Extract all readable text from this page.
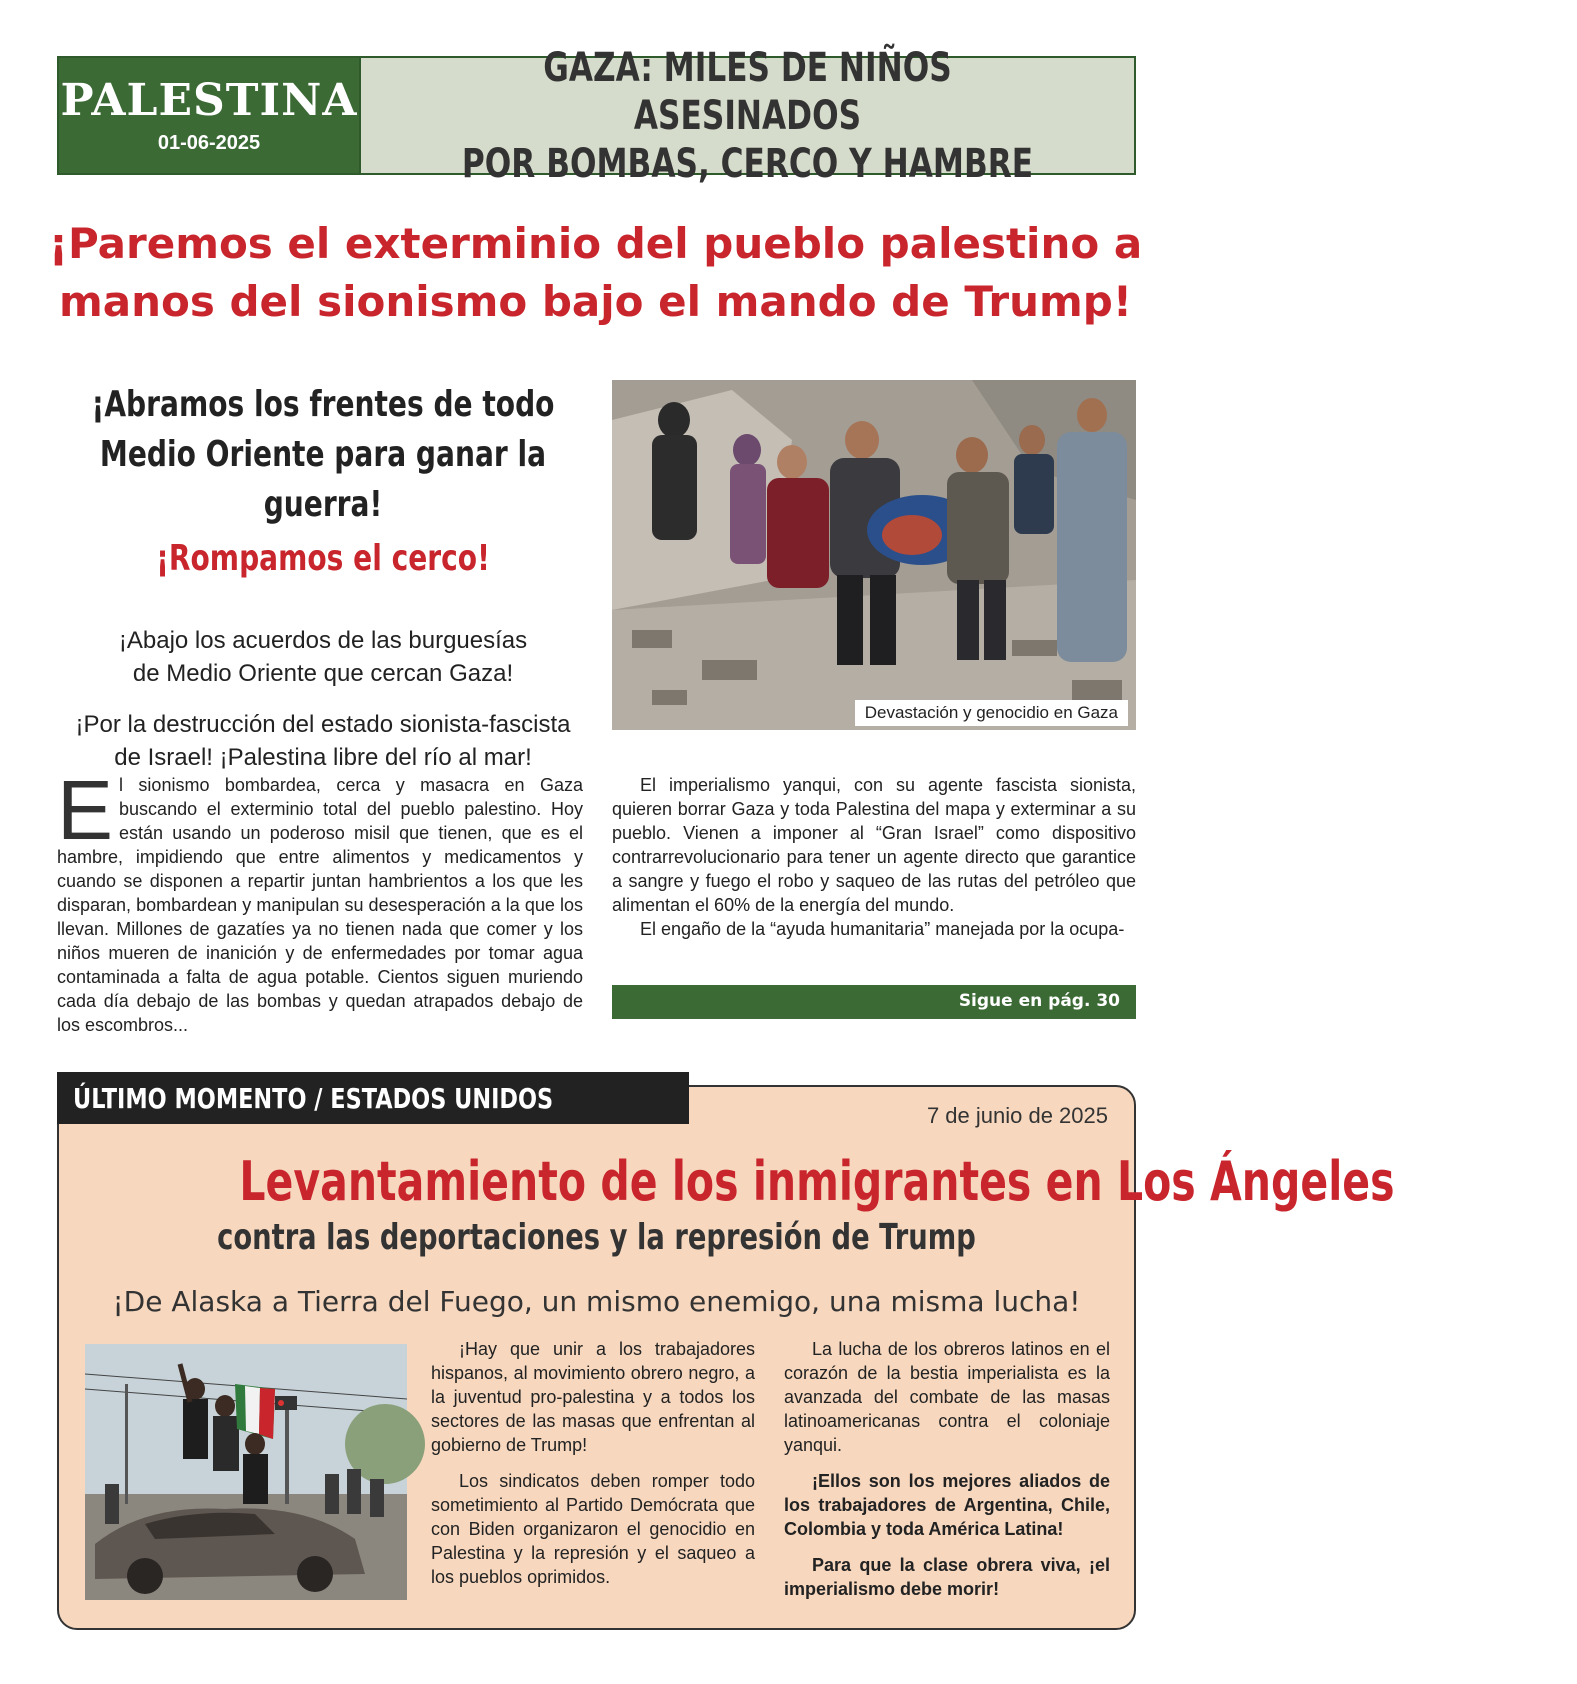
PALESTINA
01-06-2025
GAZA: MILES DE NIÑOS ASESINADOS
POR BOMBAS, CERCO Y HAMBRE
¡Paremos el exterminio del pueblo palestino a
manos del sionismo bajo el mando de Trump!
¡Abramos los frentes de todo
Medio Oriente para ganar la guerra! ¡Rompamos el cerco!
¡Abajo los acuerdos de las burguesías
de Medio Oriente que cercan Gaza!
¡Por la destrucción del estado sionista-fascista
de Israel! ¡Palestina libre del río al mar!
Devastación y genocidio en Gaza
El sionismo bombardea, cerca y masacra en Gaza buscando el exterminio total del pueblo palestino. Hoy están usando un poderoso misil que tienen, que es el hambre, impidiendo que entre alimentos y medicamentos y cuando se disponen a repartir juntan hambrientos a los que les disparan, bombardean y manipulan su desesperación a la que los llevan. Millones de gazatíes ya no tienen nada que comer y los niños mueren de inanición y de enfermedades por tomar agua contaminada a falta de agua potable. Cientos siguen muriendo cada día debajo de las bombas y quedan atrapados debajo de los escombros...

El imperialismo yanqui, con su agente fascista sionista, quieren borrar Gaza y toda Palestina del mapa y exterminar a su pueblo. Vienen a imponer al “Gran Israel” como dispositivo contrarrevolucionario para tener un agente directo que garantice a sangre y fuego el robo y saqueo de las rutas del petróleo que alimentan el 60% de la energía del mundo.

El engaño de la “ayuda humanitaria” manejada por la ocupa-

Sigue en pág. 30
ÚLTIMO MOMENTO / ESTADOS UNIDOS
7 de junio de 2025
Levantamiento de los inmigrantes en Los Ángeles
contra las deportaciones y la represión de Trump
¡De Alaska a Tierra del Fuego, un mismo enemigo, una misma lucha!

¡Hay que unir a los trabajadores hispanos, al movimiento obrero negro, a la juventud pro-palestina y a todos los sectores de las masas que enfrentan al gobierno de Trump!

Los sindicatos deben romper todo sometimiento al Partido Demócrata que con Biden organizaron el genocidio en Palestina y la represión y el saqueo a los pueblos oprimidos.

La lucha de los obreros latinos en el corazón de la bestia imperialista es la avanzada del combate de las masas latinoamericanas contra el coloniaje yanqui.

¡Ellos son los mejores aliados de los trabajadores de Argentina, Chile, Colombia y toda América Latina!

Para que la clase obrera viva, ¡el imperialismo debe morir!
